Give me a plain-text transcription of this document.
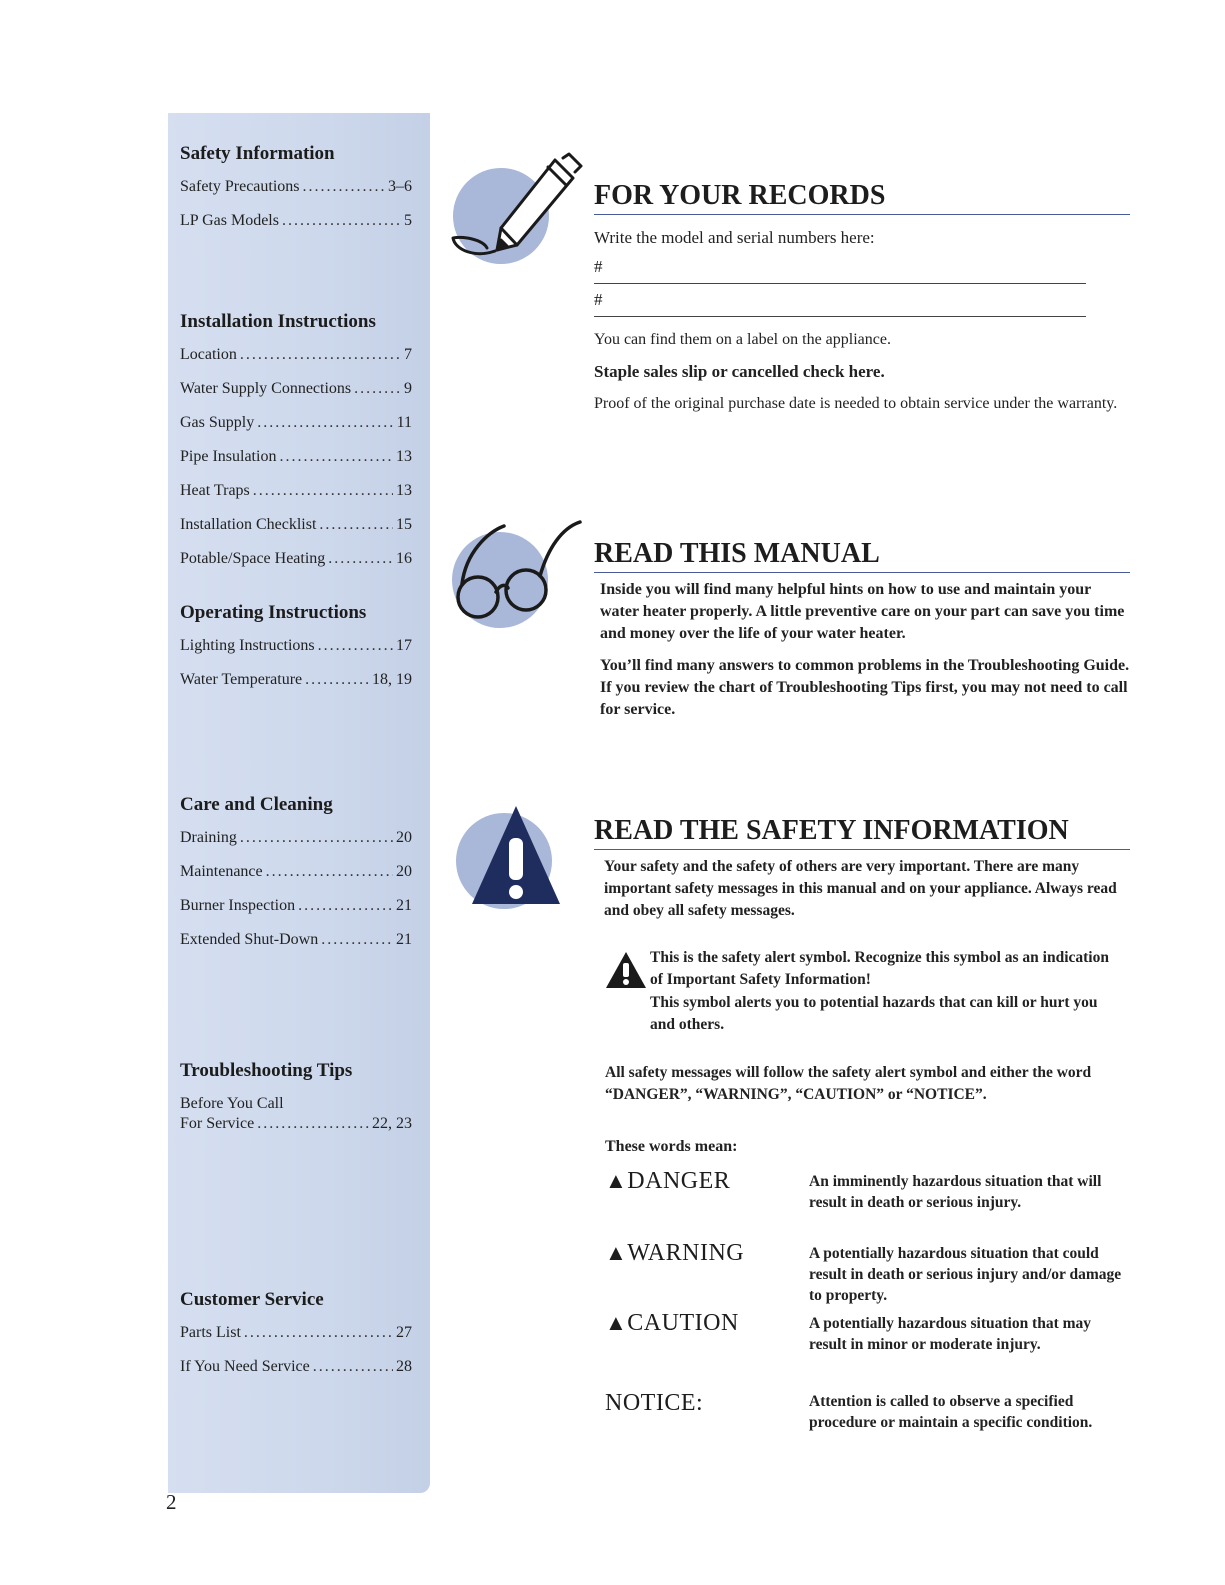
Safety Information
Safety Precautions .....	3–6
LP Gas Models .....	5
Installation Instructions
Location .....	7
Water Supply Connections .....	9
Gas Supply .....	11
Pipe Insulation .....	13
Heat Traps .....	13
Installation Checklist .....	15
Potable/Space Heating .....	16
Operating Instructions
Lighting Instructions .....	17
Water Temperature .....	18, 19
Care and Cleaning
Draining .....	20
Maintenance .....	20
Burner Inspection .....	21
Extended Shut-Down .....	21
Troubleshooting Tips
Before You Call
For Service .....	22, 23
Customer Service
Parts List .....	27
If You Need Service .....	28
2
FOR YOUR RECORDS

Write the model and serial numbers here:

#
#

You can find them on a label on the appliance.

Staple sales slip or cancelled check here.

Proof of the original purchase date is needed to obtain service under the warranty.

READ THIS MANUAL

Inside you will find many helpful hints on how to use and maintain your water heater properly. A little preventive care on your part can save you time and money over the life of your water heater.

You’ll find many answers to common problems in the Troubleshooting Guide. If you review the chart of Troubleshooting Tips first, you may not need to call for service.

READ THE SAFETY INFORMATION

Your safety and the safety of others are very important. There are many important safety messages in this manual and on your appliance. Always read and obey all safety messages.

This is the safety alert symbol. Recognize this symbol as an indication of Important Safety Information!

This symbol alerts you to potential hazards that can kill or hurt you and others.

All safety messages will follow the safety alert symbol and either the word “DANGER”, “WARNING”, “CAUTION” or “NOTICE”.

These words mean:

▲DANGER	An imminently hazardous situation that will result in death or serious injury.
▲WARNING	A potentially hazardous situation that could result in death or serious injury and/or damage to property.
▲CAUTION	A potentially hazardous situation that may result in minor or moderate injury.
NOTICE:	Attention is called to observe a specified procedure or maintain a specific condition.
